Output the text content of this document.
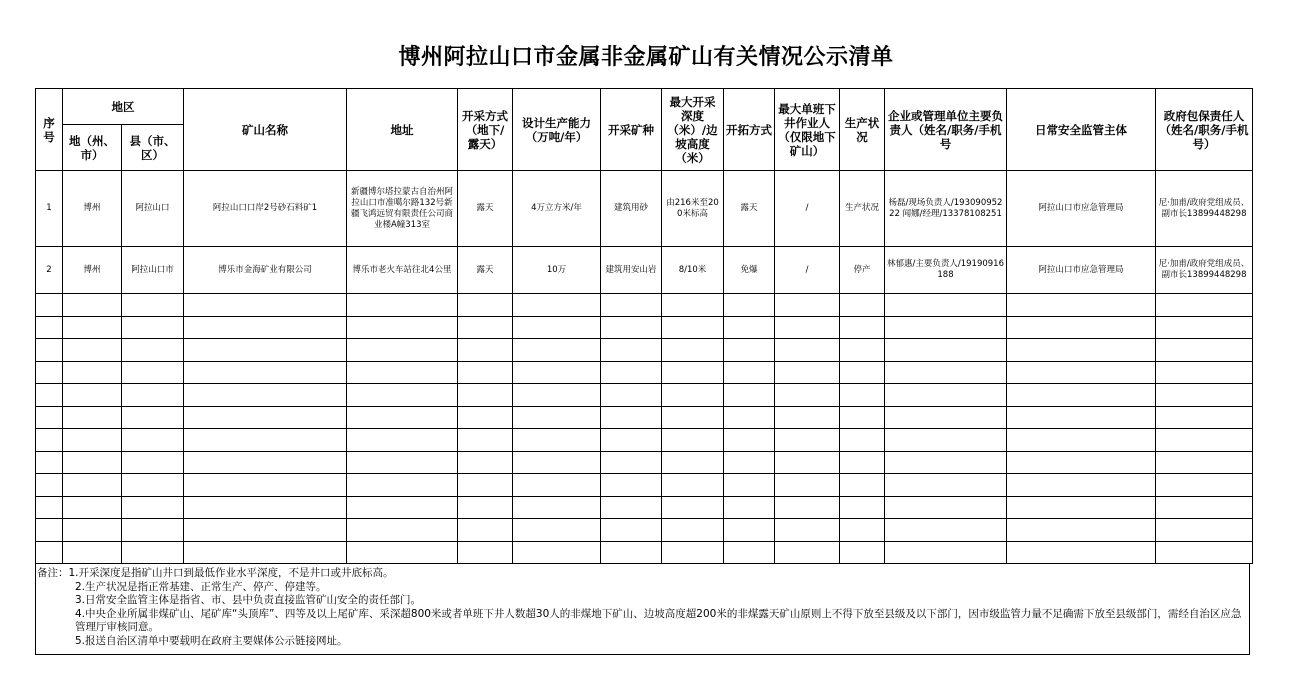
博州阿拉山口市金属非金属矿山有关情况公示清单
序号	地区		矿山名称	地址	开采方式（地下/露天）	设计生产能力（万吨/年）	开采矿种	最大开采深度（米）/边坡高度（米）	开拓方式	最大单班下井作业人（仅限地下矿山）	生产状况	企业或管理单位主要负责人（姓名/职务/手机号	日常安全监管主体	政府包保责任人（姓名/职务/手机号）
	地（州、市）	县（市、区）												
1	博州	阿拉山口	阿拉山口口岸2号砂石料矿1	新疆博尔塔拉蒙古自治州阿拉山口市准噶尔路132号新疆飞鸿远贸有限责任公司商业楼A幢313室	露天	4万立方米/年	建筑用砂	由216米至200米标高	露天	/	生产状况	杨磊/现场负责人/19309095222 闻娜/经理/13378108251	阿拉山口市应急管理局	尼·加甫/政府党组成员、副市长13899448298
2	博州	阿拉山口市	博乐市金海矿业有限公司	博乐市老火车站往北4公里	露天	10万	建筑用安山岩	8/10米	免爆	/	停产	林郁惠/主要负责人/19190916188	阿拉山口市应急管理局	尼·加甫/政府党组成员、副市长13899448298

备注：1.开采深度是指矿山井口到最低作业水平深度，不是井口或井底标高。
2.生产状况是指正常基建、正常生产、停产、停建等。
3.日常安全监管主体是指省、市、县中负责直接监管矿山安全的责任部门。
4.中央企业所属非煤矿山、尾矿库“头顶库”、四等及以上尾矿库、采深超800米或者单班下井人数超30人的非煤地下矿山、边坡高度超200米的非煤露天矿山原则上不得下放至县级及以下部门，因市级监管力量不足确需下放至县级部门，需经自治区应急管理厅审核同意。
5.报送自治区清单中要载明在政府主要媒体公示链接网址。
